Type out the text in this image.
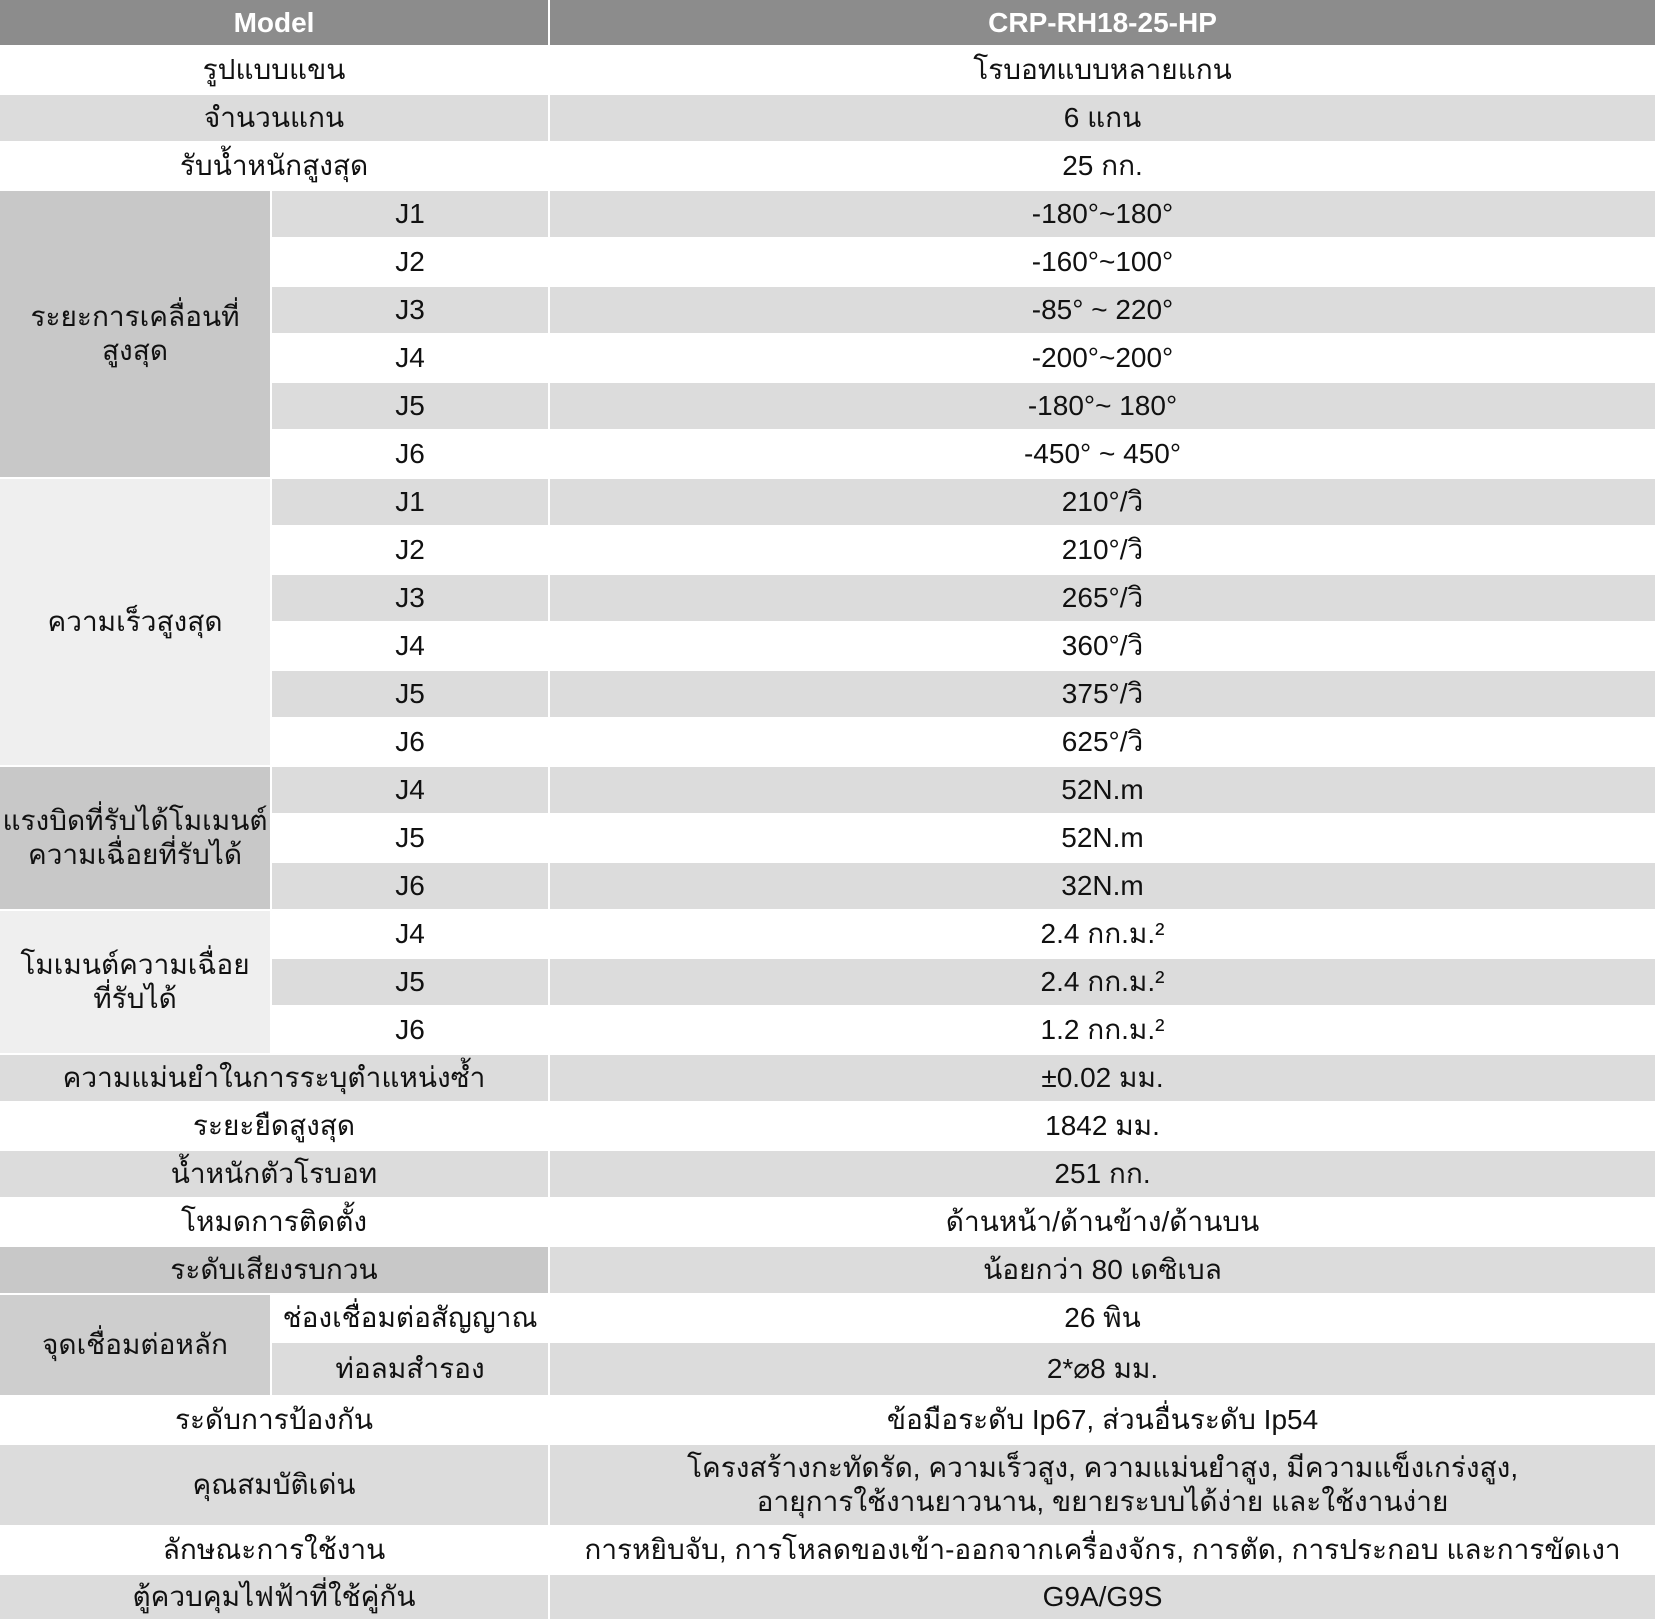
Model		CRP-RH18-25-HP
รูปแบบแขน		โรบอทแบบหลายแกน
จำนวนแกน		6 แกน
รับน้ำหนักสูงสุด		25 กก.

ระยะการเคลื่อนที่
สูงสุด	J1	-180°~180°
	J2	-160°~100°
	J3	-85° ~ 220°
	J4	-200°~200°
	J5	-180°~ 180°
	J6	-450° ~ 450°
ความเร็วสูงสุด	J1	210°/วิ
	J2	210°/วิ
	J3	265°/วิ
	J4	360°/วิ
	J5	375°/วิ
	J6	625°/วิ

แรงบิดที่รับได้โมเมนต์
ความเฉื่อยที่รับได้	J4	52N.m
	J5	52N.m
	J6	32N.m

โมเมนต์ความเฉื่อย
ที่รับได้	J4	2.4 กก.ม.²
	J5	2.4 กก.ม.²
	J6	1.2 กก.ม.²
ความแม่นยำในการระบุตำแหน่งซ้ำ		±0.02 มม.
ระยะยืดสูงสุด		1842 มม.
น้ำหนักตัวโรบอท		251 กก.
โหมดการติดตั้ง		ด้านหน้า/ด้านข้าง/ด้านบน
ระดับเสียงรบกวน		น้อยกว่า 80 เดซิเบล
จุดเชื่อมต่อหลัก	ช่องเชื่อมต่อสัญญาณ	26 พิน
	ท่อลมสำรอง	2*⌀8 มม.
ระดับการป้องกัน		ข้อมือระดับ Ip67, ส่วนอื่นระดับ Ip54
คุณสมบัติเด่น		โครงสร้างกะทัดรัด, ความเร็วสูง, ความแม่นยำสูง, มีความแข็งเกร่งสูง,
อายุการใช้งานยาวนาน, ขยายระบบได้ง่าย และใช้งานง่าย

ลักษณะการใช้งาน		การหยิบจับ, การโหลดของเข้า-ออกจากเครื่องจักร, การตัด, การประกอบ และการขัดเงา
ตู้ควบคุมไฟฟ้าที่ใช้คู่กัน		G9A/G9S
